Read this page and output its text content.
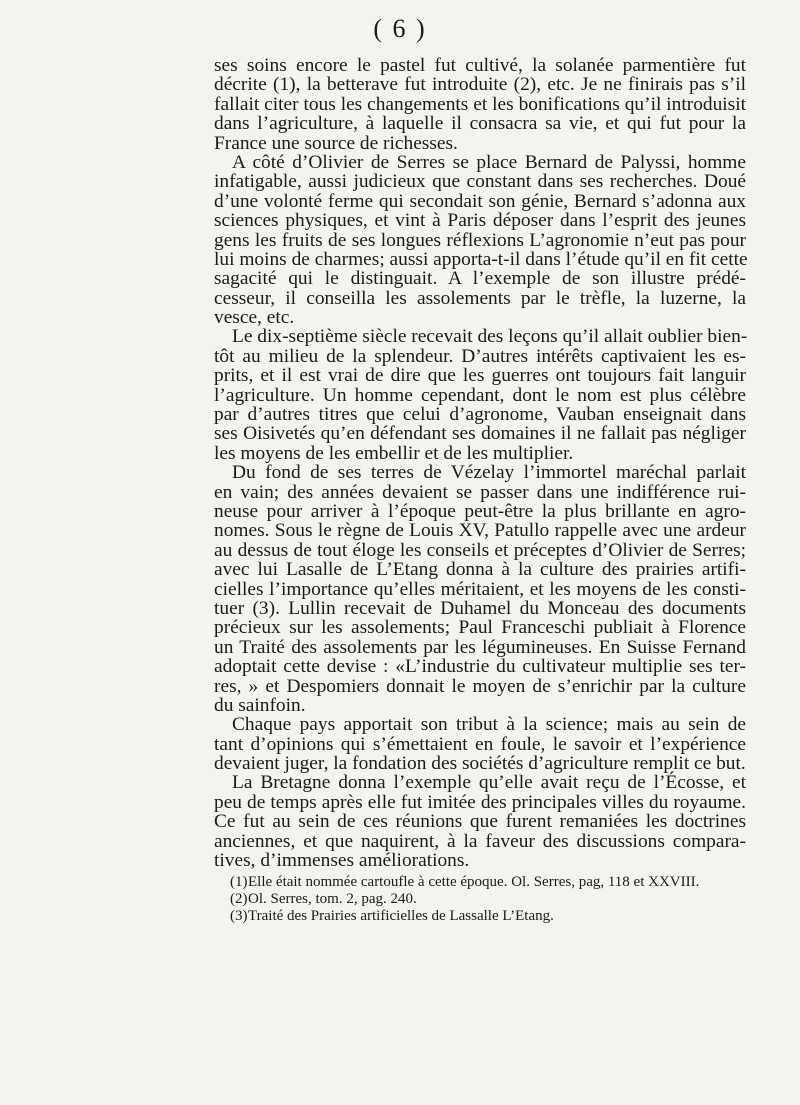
( 6 )
ses soins encore le pastel fut cultivé, la solanée parmentière fut
décrite (1), la betterave fut introduite (2), etc. Je ne finirais pas s’il
fallait citer tous les changements et les bonifications qu’il introduisit
dans l’agriculture, à laquelle il consacra sa vie, et qui fut pour la
France une source de richesses.
A côté d’Olivier de Serres se place Bernard de Palyssi, homme
infatigable, aussi judicieux que constant dans ses recherches. Doué
d’une volonté ferme qui secondait son génie, Bernard s’adonna aux
sciences physiques, et vint à Paris déposer dans l’esprit des jeunes
gens les fruits de ses longues réflexions L’agronomie n’eut pas pour
lui moins de charmes; aussi apporta-t-il dans l’étude qu’il en fit cette
sagacité qui le distinguait. A l’exemple de son illustre prédé-
cesseur, il conseilla les assolements par le trèfle, la luzerne, la
vesce, etc.
Le dix-septième siècle recevait des leçons qu’il allait oublier bien-
tôt au milieu de la splendeur. D’autres intérêts captivaient les es-
prits, et il est vrai de dire que les guerres ont toujours fait languir
l’agriculture. Un homme cependant, dont le nom est plus célèbre
par d’autres titres que celui d’agronome, Vauban enseignait dans
ses Oisivetés qu’en défendant ses domaines il ne fallait pas négliger
les moyens de les embellir et de les multiplier.
Du fond de ses terres de Vézelay l’immortel maréchal parlait
en vain; des années devaient se passer dans une indifférence rui-
neuse pour arriver à l’époque peut-être la plus brillante en agro-
nomes. Sous le règne de Louis XV, Patullo rappelle avec une ardeur
au dessus de tout éloge les conseils et préceptes d’Olivier de Serres;
avec lui Lasalle de L’Etang donna à la culture des prairies artifi-
cielles l’importance qu’elles méritaient, et les moyens de les consti-
tuer (3). Lullin recevait de Duhamel du Monceau des documents
précieux sur les assolements; Paul Franceschi publiait à Florence
un Traité des assolements par les légumineuses. En Suisse Fernand
adoptait cette devise : «L’industrie du cultivateur multiplie ses ter-
res, » et Despomiers donnait le moyen de s’enrichir par la culture
du sainfoin.
Chaque pays apportait son tribut à la science; mais au sein de
tant d’opinions qui s’émettaient en foule, le savoir et l’expérience
devaient juger, la fondation des sociétés d’agriculture remplit ce but.
La Bretagne donna l’exemple qu’elle avait reçu de l’Écosse, et
peu de temps après elle fut imitée des principales villes du royaume.
Ce fut au sein de ces réunions que furent remaniées les doctrines
anciennes, et que naquirent, à la faveur des discussions compara-
tives, d’immenses améliorations.
(1)Elle était nommée cartoufle à cette époque. Ol. Serres, pag, 118 et XXVIII.
(2)Ol. Serres, tom. 2, pag. 240.
(3)Traité des Prairies artificielles de Lassalle L’Etang.
